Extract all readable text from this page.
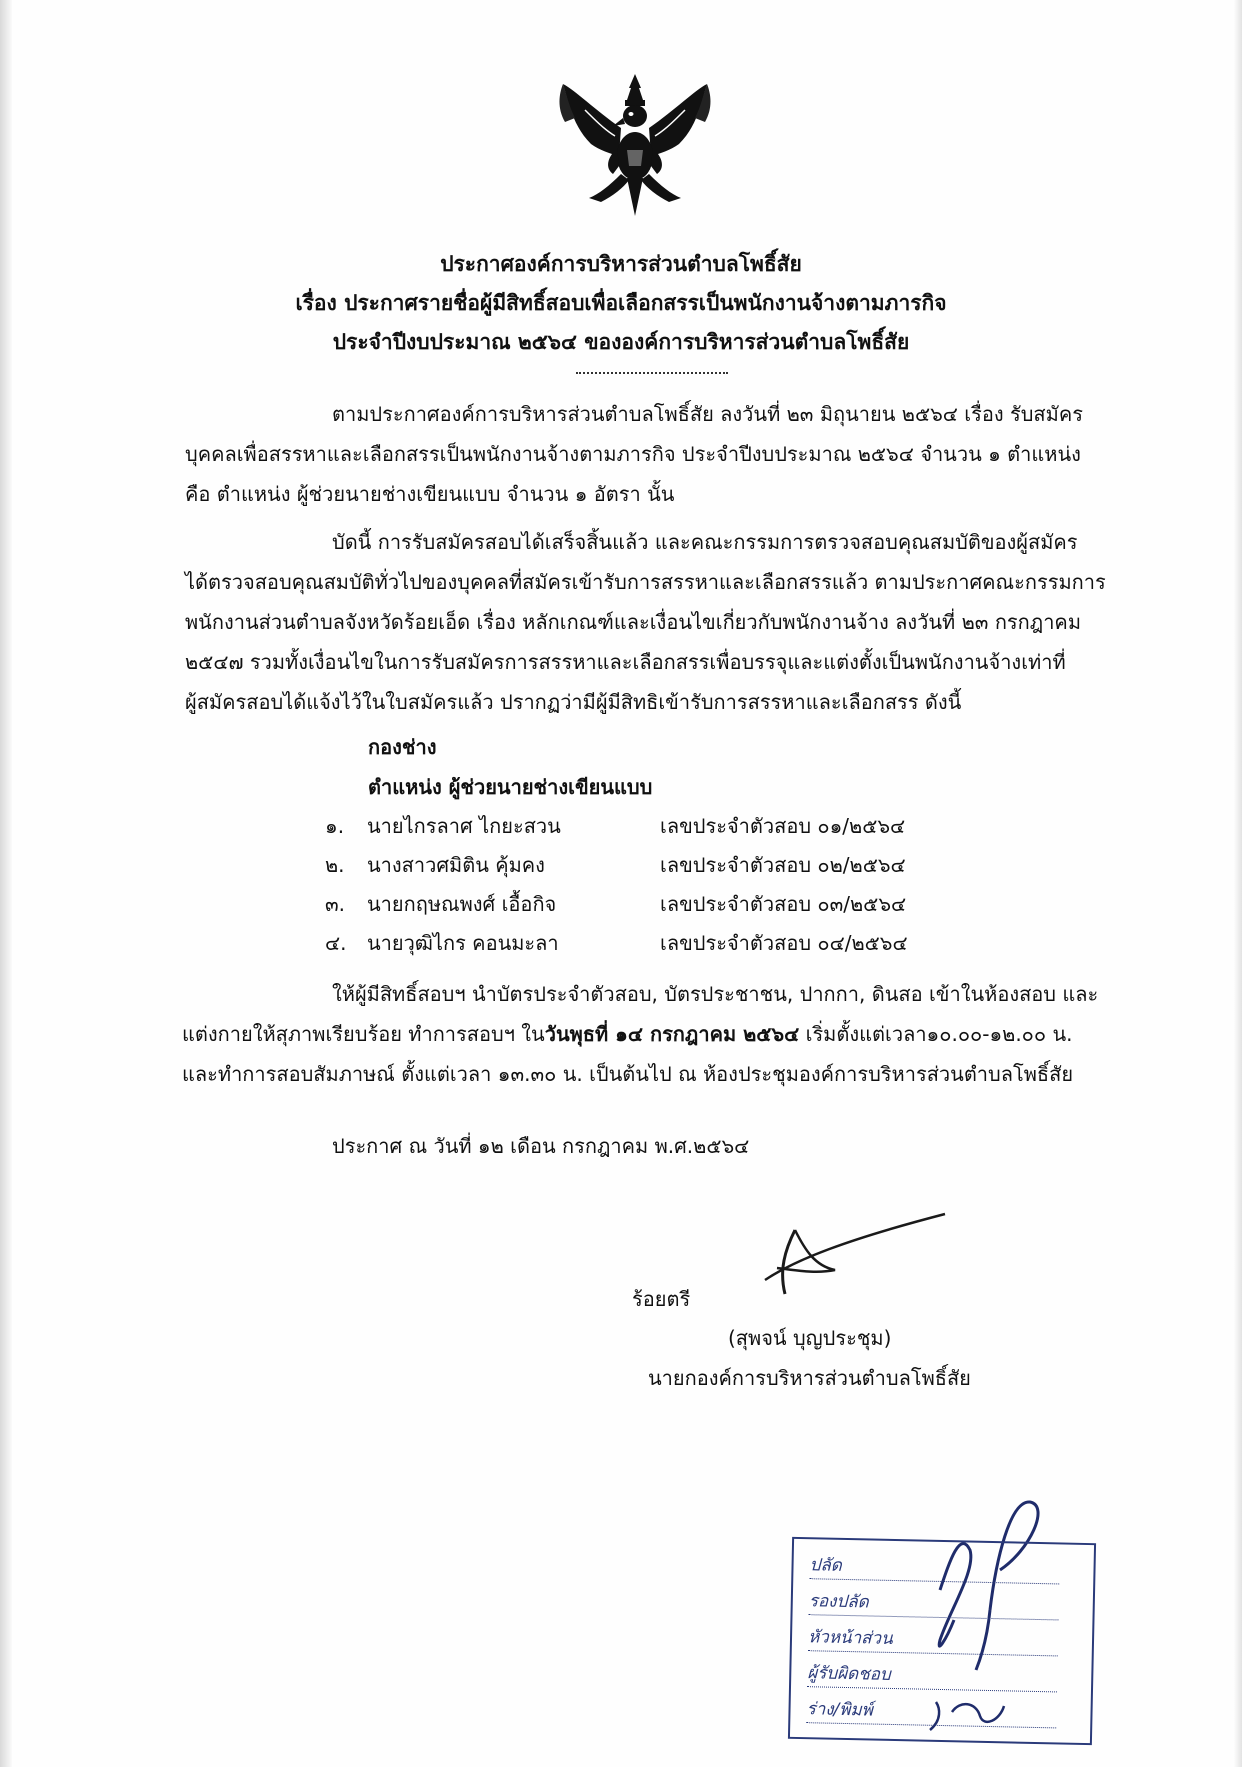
ประกาศองค์การบริหารส่วนตำบลโพธิ์สัย
เรื่อง ประกาศรายชื่อผู้มีสิทธิ์สอบเพื่อเลือกสรรเป็นพนักงานจ้างตามภารกิจ
ประจำปีงบประมาณ ๒๕๖๔ ขององค์การบริหารส่วนตำบลโพธิ์สัย
ตามประกาศองค์การบริหารส่วนตำบลโพธิ์สัย ลงวันที่ ๒๓ มิถุนายน ๒๕๖๔ เรื่อง รับสมัคร
บุคคลเพื่อสรรหาและเลือกสรรเป็นพนักงานจ้างตามภารกิจ ประจำปีงบประมาณ ๒๕๖๔ จำนวน ๑ ตำแหน่ง
คือ ตำแหน่ง ผู้ช่วยนายช่างเขียนแบบ จำนวน ๑ อัตรา นั้น
บัดนี้ การรับสมัครสอบได้เสร็จสิ้นแล้ว และคณะกรรมการตรวจสอบคุณสมบัติของผู้สมัคร
ได้ตรวจสอบคุณสมบัติทั่วไปของบุคคลที่สมัครเข้ารับการสรรหาและเลือกสรรแล้ว ตามประกาศคณะกรรมการ
พนักงานส่วนตำบลจังหวัดร้อยเอ็ด เรื่อง หลักเกณฑ์และเงื่อนไขเกี่ยวกับพนักงานจ้าง ลงวันที่ ๒๓ กรกฎาคม
๒๕๔๗ รวมทั้งเงื่อนไขในการรับสมัครการสรรหาและเลือกสรรเพื่อบรรจุและแต่งตั้งเป็นพนักงานจ้างเท่าที่
ผู้สมัครสอบได้แจ้งไว้ในใบสมัครแล้ว ปรากฏว่ามีผู้มีสิทธิเข้ารับการสรรหาและเลือกสรร ดังนี้
กองช่าง
ตำแหน่ง ผู้ช่วยนายช่างเขียนแบบ
๑. นายไกรลาศ ไกยะสวน	เลขประจำตัวสอบ ๐๑/๒๕๖๔
๒. นางสาวศมิติน คุ้มคง	เลขประจำตัวสอบ ๐๒/๒๕๖๔
๓. นายกฤษณพงศ์ เอื้อกิจ	เลขประจำตัวสอบ ๐๓/๒๕๖๔
๔. นายวุฒิไกร คอนมะลา	เลขประจำตัวสอบ ๐๔/๒๕๖๔
ให้ผู้มีสิทธิ์สอบฯ นำบัตรประจำตัวสอบ, บัตรประชาชน, ปากกา, ดินสอ เข้าในห้องสอบ และ
แต่งกายให้สุภาพเรียบร้อย ทำการสอบฯ ในวันพุธที่ ๑๔ กรกฎาคม ๒๕๖๔ เริ่มตั้งแต่เวลา๑๐.๐๐-๑๒.๐๐ น.
และทำการสอบสัมภาษณ์ ตั้งแต่เวลา ๑๓.๓๐ น. เป็นต้นไป ณ ห้องประชุมองค์การบริหารส่วนตำบลโพธิ์สัย
ประกาศ ณ วันที่ ๑๒ เดือน กรกฎาคม พ.ศ.๒๕๖๔
ร้อยตรี
(สุพจน์ บุญประชุม)
นายกองค์การบริหารส่วนตำบลโพธิ์สัย
ปลัด
รองปลัด
หัวหน้าส่วน
ผู้รับผิดชอบ
ร่าง/พิมพ์
